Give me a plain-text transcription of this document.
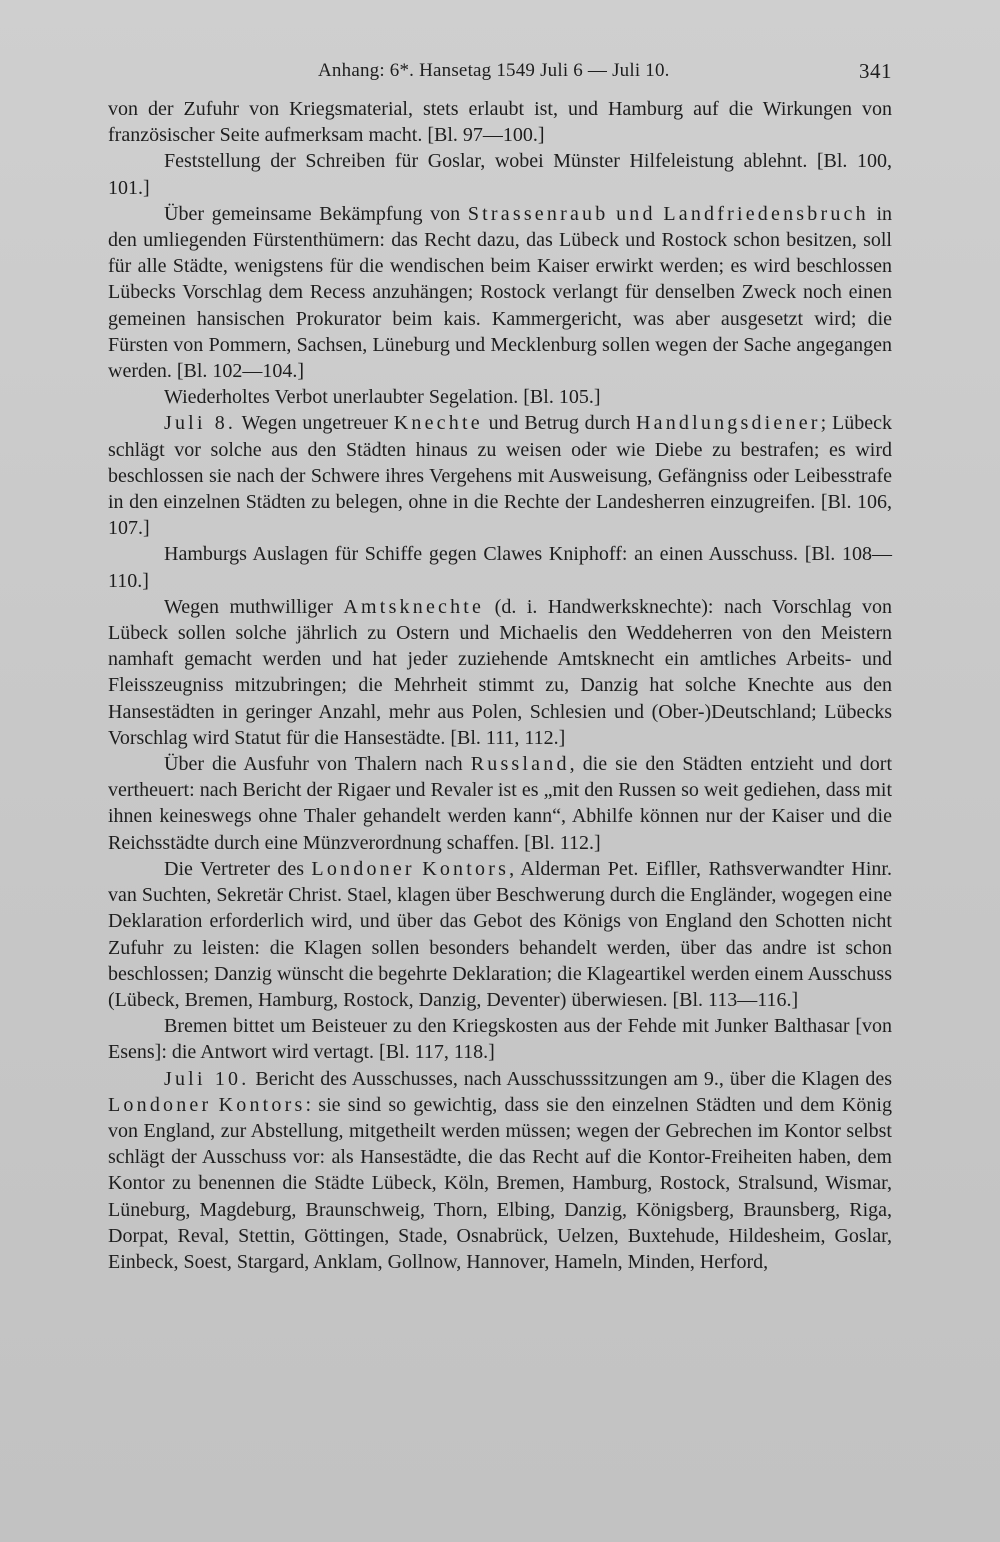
Anhang: 6*. Hansetag 1549 Juli 6 — Juli 10.	341

von der Zufuhr von Kriegsmaterial, stets erlaubt ist, und Hamburg auf die Wirkungen von französischer Seite aufmerksam macht. [Bl. 97—100.]

Feststellung der Schreiben für Goslar, wobei Münster Hilfeleistung ablehnt. [Bl. 100, 101.]

Über gemeinsame Bekämpfung von Strassenraub und Landfriedensbruch in den umliegenden Fürstenthümern: das Recht dazu, das Lübeck und Rostock schon besitzen, soll für alle Städte, wenigstens für die wendischen beim Kaiser erwirkt werden; es wird beschlossen Lübecks Vorschlag dem Recess anzuhängen; Rostock verlangt für denselben Zweck noch einen gemeinen hansischen Prokurator beim kais. Kammergericht, was aber ausgesetzt wird; die Fürsten von Pommern, Sachsen, Lüneburg und Mecklenburg sollen wegen der Sache angegangen werden. [Bl. 102—104.]

Wiederholtes Verbot unerlaubter Segelation. [Bl. 105.]

Juli 8. Wegen ungetreuer Knechte und Betrug durch Handlungsdiener; Lübeck schlägt vor solche aus den Städten hinaus zu weisen oder wie Diebe zu bestrafen; es wird beschlossen sie nach der Schwere ihres Vergehens mit Ausweisung, Gefängniss oder Leibesstrafe in den einzelnen Städten zu belegen, ohne in die Rechte der Landesherren einzugreifen. [Bl. 106, 107.]

Hamburgs Auslagen für Schiffe gegen Clawes Kniphoff: an einen Ausschuss. [Bl. 108—110.]

Wegen muthwilliger Amtsknechte (d. i. Handwerksknechte): nach Vorschlag von Lübeck sollen solche jährlich zu Ostern und Michaelis den Weddeherren von den Meistern namhaft gemacht werden und hat jeder zuziehende Amtsknecht ein amtliches Arbeits- und Fleisszeugniss mitzubringen; die Mehrheit stimmt zu, Danzig hat solche Knechte aus den Hansestädten in geringer Anzahl, mehr aus Polen, Schlesien und (Ober-)Deutschland; Lübecks Vorschlag wird Statut für die Hansestädte. [Bl. 111, 112.]

Über die Ausfuhr von Thalern nach Russland, die sie den Städten entzieht und dort vertheuert: nach Bericht der Rigaer und Revaler ist es „mit den Russen so weit gediehen, dass mit ihnen keineswegs ohne Thaler gehandelt werden kann“, Abhilfe können nur der Kaiser und die Reichsstädte durch eine Münzverordnung schaffen. [Bl. 112.]

Die Vertreter des Londoner Kontors, Alderman Pet. Eifller, Rathsverwandter Hinr. van Suchten, Sekretär Christ. Stael, klagen über Beschwerung durch die Engländer, wogegen eine Deklaration erforderlich wird, und über das Gebot des Königs von England den Schotten nicht Zufuhr zu leisten: die Klagen sollen besonders behandelt werden, über das andre ist schon beschlossen; Danzig wünscht die begehrte Deklaration; die Klageartikel werden einem Ausschuss (Lübeck, Bremen, Hamburg, Rostock, Danzig, Deventer) überwiesen. [Bl. 113—116.]

Bremen bittet um Beisteuer zu den Kriegskosten aus der Fehde mit Junker Balthasar [von Esens]: die Antwort wird vertagt. [Bl. 117, 118.]

Juli 10. Bericht des Ausschusses, nach Ausschusssitzungen am 9., über die Klagen des Londoner Kontors: sie sind so gewichtig, dass sie den einzelnen Städten und dem König von England, zur Abstellung, mitgetheilt werden müssen; wegen der Gebrechen im Kontor selbst schlägt der Ausschuss vor: als Hansestädte, die das Recht auf die Kontor-Freiheiten haben, dem Kontor zu benennen die Städte Lübeck, Köln, Bremen, Hamburg, Rostock, Stralsund, Wismar, Lüneburg, Magdeburg, Braunschweig, Thorn, Elbing, Danzig, Königsberg, Braunsberg, Riga, Dorpat, Reval, Stettin, Göttingen, Stade, Osnabrück, Uelzen, Buxtehude, Hildesheim, Goslar, Einbeck, Soest, Stargard, Anklam, Gollnow, Hannover, Hameln, Minden, Herford,
